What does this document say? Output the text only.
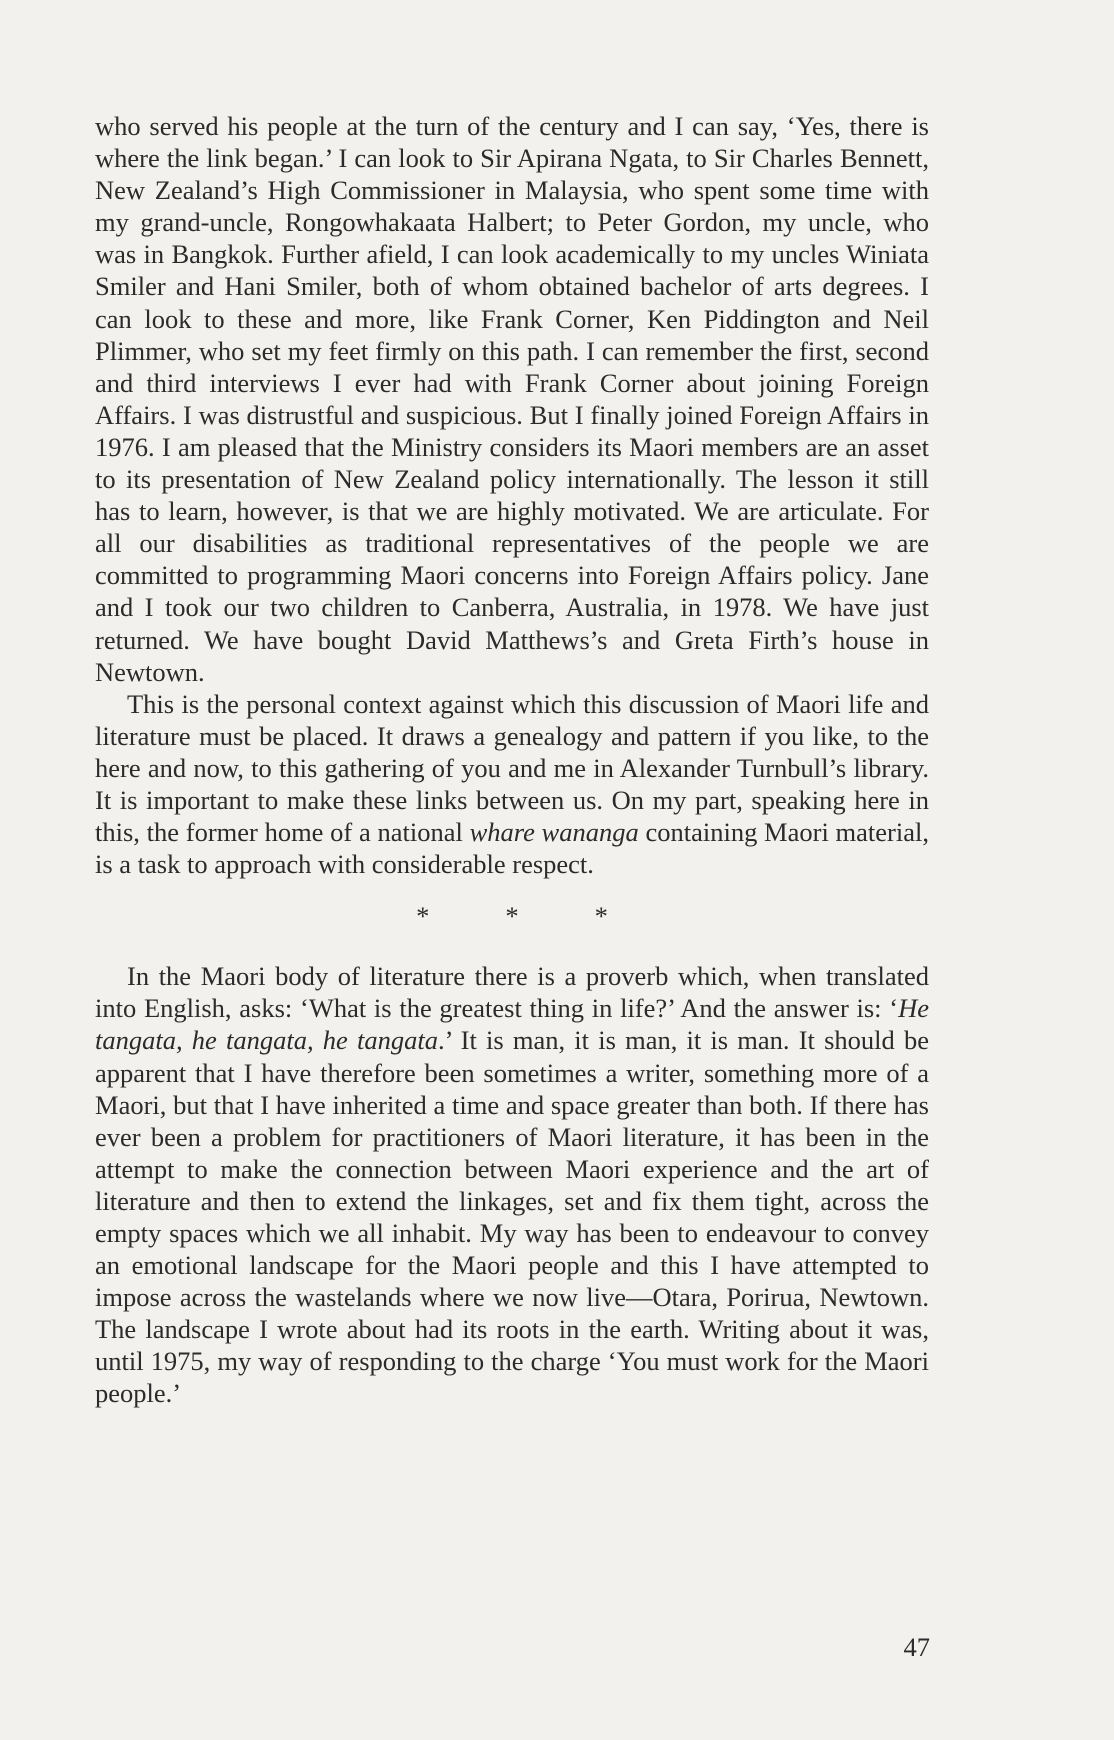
who served his people at the turn of the century and I can say, ‘Yes, there is where the link began.’ I can look to Sir Apirana Ngata, to Sir Charles Bennett, New Zealand’s High Commissioner in Malaysia, who spent some time with my grand-uncle, Rongowhakaata Halbert; to Peter Gordon, my uncle, who was in Bangkok. Further afield, I can look academically to my uncles Winiata Smiler and Hani Smiler, both of whom obtained bachelor of arts degrees. I can look to these and more, like Frank Corner, Ken Piddington and Neil Plimmer, who set my feet firmly on this path. I can remember the first, second and third interviews I ever had with Frank Corner about joining Foreign Affairs. I was distrustful and suspicious. But I finally joined Foreign Affairs in 1976. I am pleased that the Ministry considers its Maori members are an asset to its presentation of New Zealand policy internationally. The lesson it still has to learn, however, is that we are highly motivated. We are articulate. For all our disabilities as traditional representatives of the people we are committed to programming Maori concerns into Foreign Affairs policy. Jane and I took our two children to Canberra, Australia, in 1978. We have just returned. We have bought David Matthews’s and Greta Firth’s house in Newtown.

This is the personal context against which this discussion of Maori life and literature must be placed. It draws a genealogy and pattern if you like, to the here and now, to this gathering of you and me in Alexander Turnbull’s library. It is important to make these links between us. On my part, speaking here in this, the former home of a national whare wananga containing Maori material, is a task to approach with considerable respect.

*	*	*

In the Maori body of literature there is a proverb which, when translated into English, asks: ‘What is the greatest thing in life?’ And the answer is: ‘He tangata, he tangata, he tangata.’ It is man, it is man, it is man. It should be apparent that I have therefore been sometimes a writer, something more of a Maori, but that I have inherited a time and space greater than both. If there has ever been a problem for practitioners of Maori literature, it has been in the attempt to make the connection between Maori experience and the art of literature and then to extend the linkages, set and fix them tight, across the empty spaces which we all inhabit. My way has been to endeavour to convey an emotional landscape for the Maori people and this I have attempted to impose across the wastelands where we now live—Otara, Porirua, Newtown. The landscape I wrote about had its roots in the earth. Writing about it was, until 1975, my way of responding to the charge ‘You must work for the Maori people.’

47
